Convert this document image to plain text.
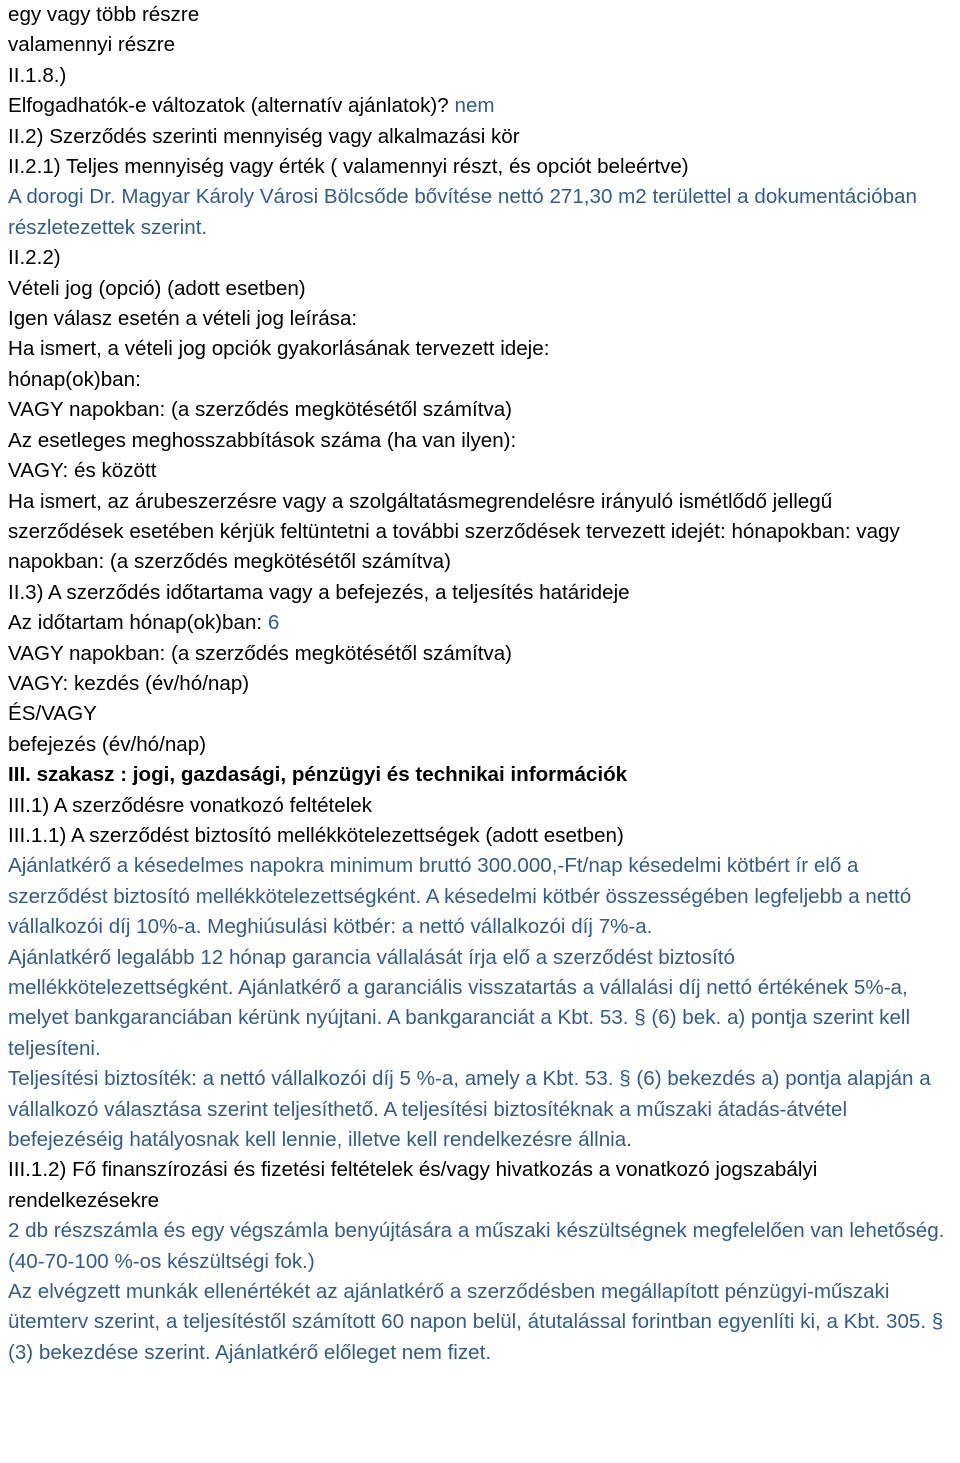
egy vagy több részre
valamennyi részre
II.1.8.)
Elfogadhatók-e változatok (alternatív ajánlatok)? nem
II.2) Szerződés szerinti mennyiség vagy alkalmazási kör
II.2.1) Teljes mennyiség vagy érték ( valamennyi részt, és opciót beleértve)
A dorogi Dr. Magyar Károly Városi Bölcsőde bővítése nettó 271,30 m2 területtel a dokumentációban részletezettek szerint.
II.2.2)
Vételi jog (opció) (adott esetben)
Igen válasz esetén a vételi jog leírása:
Ha ismert, a vételi jog opciók gyakorlásának tervezett ideje:
hónap(ok)ban:
VAGY napokban: (a szerződés megkötésétől számítva)
Az esetleges meghosszabbítások száma (ha van ilyen):
VAGY: és között
Ha ismert, az árubeszerzésre vagy a szolgáltatásmegrendelésre irányuló ismétlődő jellegű szerződések esetében kérjük feltüntetni a további szerződések tervezett idejét: hónapokban: vagy napokban: (a szerződés megkötésétől számítva)
II.3) A szerződés időtartama vagy a befejezés, a teljesítés határideje
Az időtartam hónap(ok)ban: 6
VAGY napokban: (a szerződés megkötésétől számítva)
VAGY: kezdés (év/hó/nap)
ÉS/VAGY
befejezés (év/hó/nap)
III. szakasz : jogi, gazdasági, pénzügyi és technikai információk
III.1) A szerződésre vonatkozó feltételek
III.1.1) A szerződést biztosító mellékkötelezettségek (adott esetben)
Ajánlatkérő a késedelmes napokra minimum bruttó 300.000,-Ft/nap késedelmi kötbért ír elő a szerződést biztosító mellékkötelezettségként. A késedelmi kötbér összességében legfeljebb a nettó vállalkozói díj 10%-a. Meghiúsulási kötbér: a nettó vállalkozói díj 7%-a.
Ajánlatkérő legalább 12 hónap garancia vállalását írja elő a szerződést biztosító mellékkötelezettségként. Ajánlatkérő a garanciális visszatartás a vállalási díj nettó értékének 5%-a, melyet bankgaranciában kérünk nyújtani. A bankgaranciát a Kbt. 53. § (6) bek. a) pontja szerint kell teljesíteni.
Teljesítési biztosíték: a nettó vállalkozói díj 5 %-a, amely a Kbt. 53. § (6) bekezdés a) pontja alapján a vállalkozó választása szerint teljesíthető. A teljesítési biztosítéknak a műszaki átadás-átvétel befejezéséig hatályosnak kell lennie, illetve kell rendelkezésre állnia.
III.1.2) Fő finanszírozási és fizetési feltételek és/vagy hivatkozás a vonatkozó jogszabályi rendelkezésekre
2 db részszámla és egy végszámla benyújtására a műszaki készültségnek megfelelően van lehetőség. (40-70-100 %-os készültségi fok.)
Az elvégzett munkák ellenértékét az ajánlatkérő a szerződésben megállapított pénzügyi-műszaki ütemterv szerint, a teljesítéstől számított 60 napon belül, átutalással forintban egyenlíti ki, a Kbt. 305. § (3) bekezdése szerint. Ajánlatkérő előleget nem fizet.
